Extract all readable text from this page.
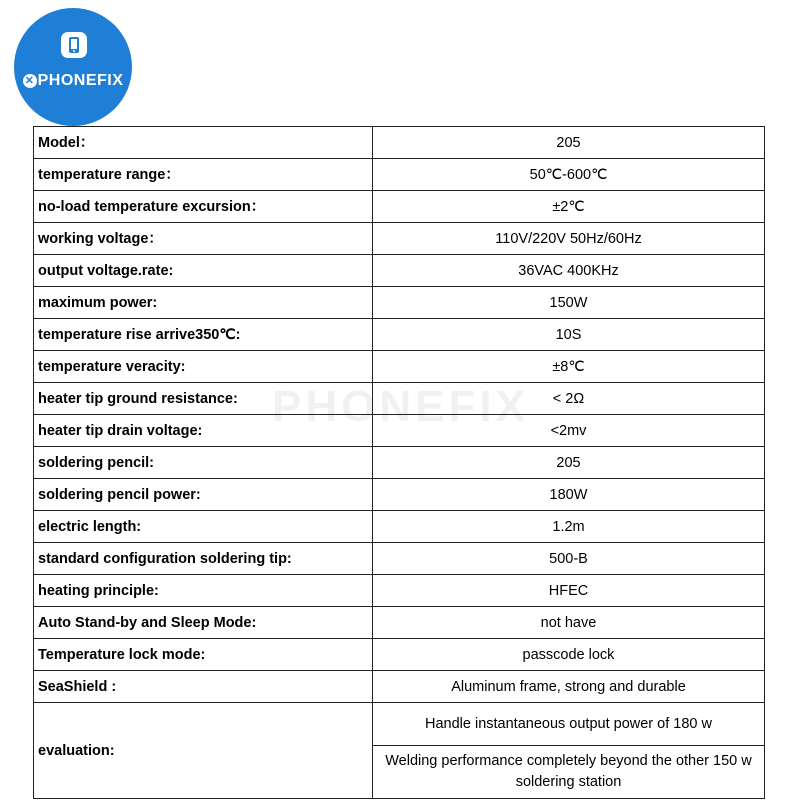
✕ PHONEFIX
PHONEFIX
Model：	205
temperature range：	50℃-600℃
no-load temperature excursion：	±2℃
working voltage：	110V/220V 50Hz/60Hz
output voltage.rate:	36VAC 400KHz
maximum power:	150W
temperature rise arrive350℃:	10S
temperature veracity:	±8℃
heater tip ground resistance:	< 2Ω
heater tip drain voltage:	<2mv
soldering pencil:	205
soldering pencil power:	180W
electric length:	1.2m
standard configuration soldering tip:	500-B
heating principle:	HFEC
Auto Stand-by and Sleep Mode:	not have
Temperature lock mode:	passcode lock
SeaShield :	Aluminum frame, strong and durable
evaluation:	Handle instantaneous output power of 180 w
	Welding performance completely beyond the other 150 w soldering station
